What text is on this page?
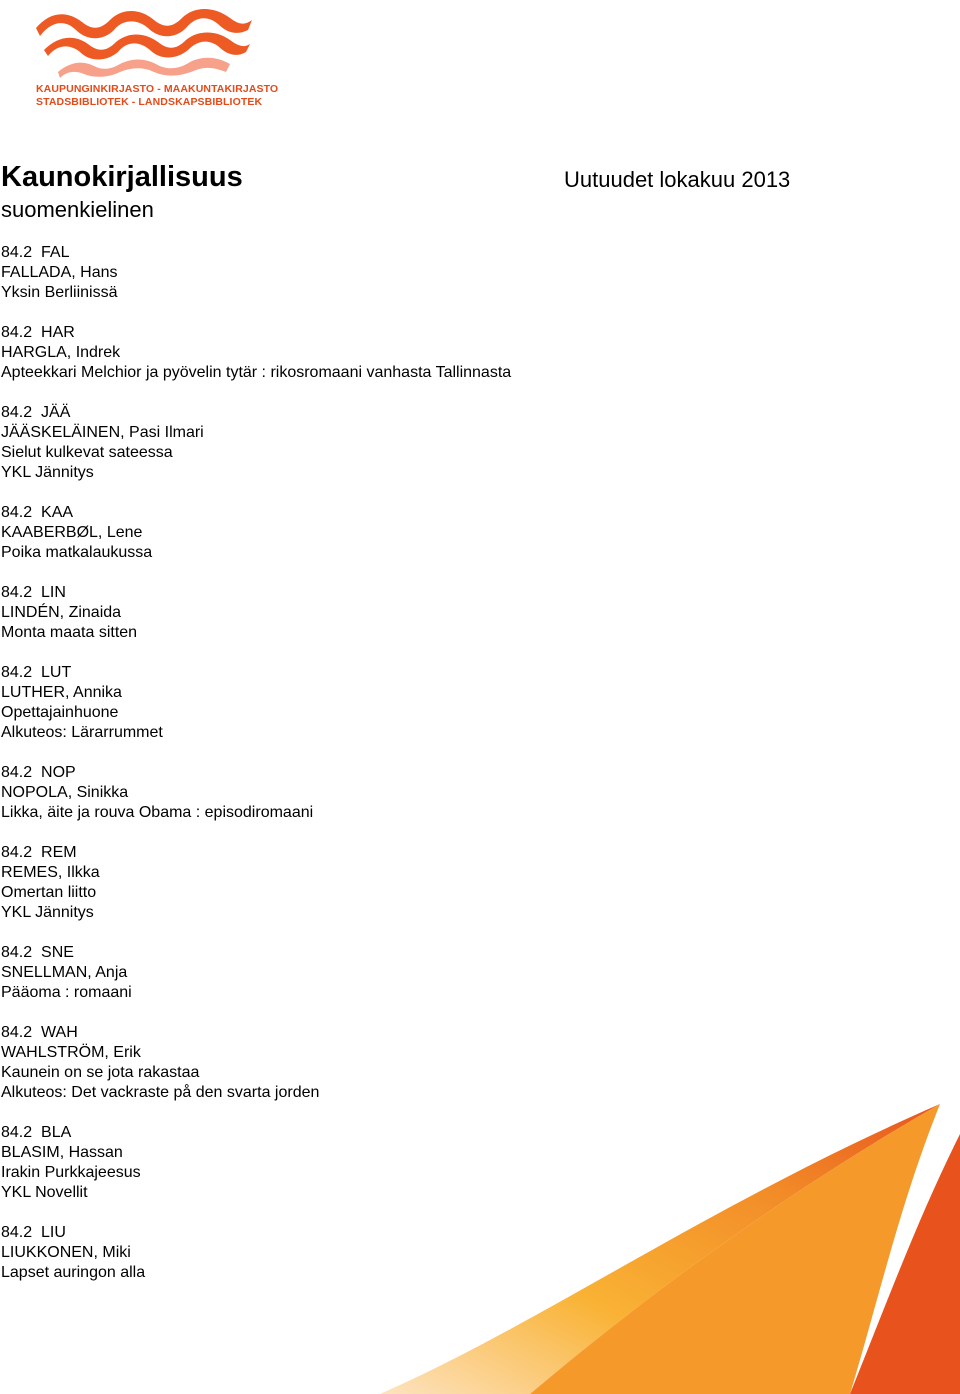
KAUPUNGINKIRJASTO - MAAKUNTAKIRJASTO
STADSBIBLIOTEK - LANDSKAPSBIBLIOTEK
Kaunokirjallisuus	Uutuudet lokakuu 2013
suomenkielinen
84.2  FAL
FALLADA, Hans
Yksin Berliinissä
84.2  HAR
HARGLA, Indrek
Apteekkari Melchior ja pyövelin tytär : rikosromaani vanhasta Tallinnasta
84.2  JÄÄ
JÄÄSKELÄINEN, Pasi Ilmari
Sielut kulkevat sateessa
YKL Jännitys
84.2  KAA
KAABERBØL, Lene
Poika matkalaukussa
84.2  LIN
LINDÉN, Zinaida
Monta maata sitten
84.2  LUT
LUTHER, Annika
Opettajainhuone
Alkuteos: Lärarrummet
84.2  NOP
NOPOLA, Sinikka
Likka, äite ja rouva Obama : episodiromaani
84.2  REM
REMES, Ilkka
Omertan liitto
YKL Jännitys
84.2  SNE
SNELLMAN, Anja
Pääoma : romaani
84.2  WAH
WAHLSTRÖM, Erik
Kaunein on se jota rakastaa
Alkuteos: Det vackraste på den svarta jorden
84.2  BLA
BLASIM, Hassan
Irakin Purkkajeesus
YKL Novellit
84.2  LIU
LIUKKONEN, Miki
Lapset auringon alla
